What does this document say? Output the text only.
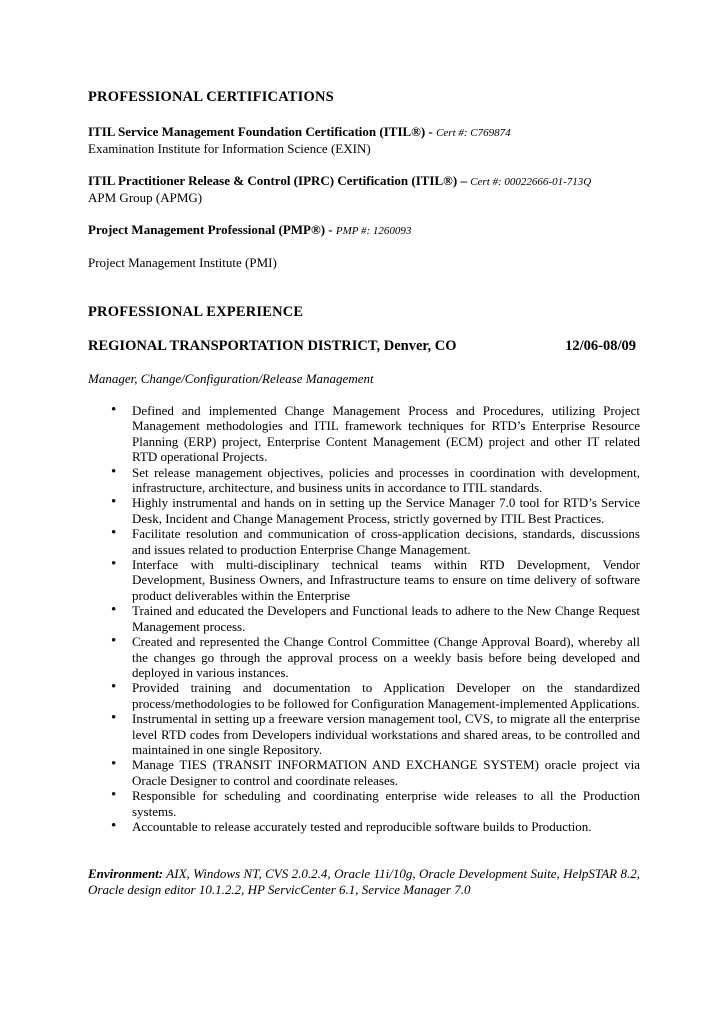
PROFESSIONAL CERTIFICATIONS

ITIL Service Management Foundation Certification (ITIL®) - Cert #: C769874

Examination Institute for Information Science (EXIN)

ITIL Practitioner Release & Control (IPRC) Certification (ITIL®) – Cert #: 00022666-01-713Q

APM Group (APMG)

Project Management Professional (PMP®) - PMP #: 1260093

Project Management Institute (PMI)
PROFESSIONAL EXPERIENCE
REGIONAL TRANSPORTATION DISTRICT, Denver, CO	12/06-08/09
Manager, Change/Configuration/Release Management
• Defined and implemented Change Management Process and Procedures, utilizing Project Management methodologies and ITIL framework techniques for RTD’s Enterprise Resource Planning (ERP) project, Enterprise Content Management (ECM) project and other IT related RTD operational Projects.
• Set release management objectives, policies and processes in coordination with development, infrastructure, architecture, and business units in accordance to ITIL standards.
• Highly instrumental and hands on in setting up the Service Manager 7.0 tool for RTD’s Service Desk, Incident and Change Management Process, strictly governed by ITIL Best Practices.
• Facilitate resolution and communication of cross-application decisions, standards, discussions and issues related to production Enterprise Change Management.
• Interface with multi-disciplinary technical teams within RTD Development, Vendor Development, Business Owners, and Infrastructure teams to ensure on time delivery of software product deliverables within the Enterprise
• Trained and educated the Developers and Functional leads to adhere to the New Change Request Management process.
• Created and represented the Change Control Committee (Change Approval Board), whereby all the changes go through the approval process on a weekly basis before being developed and deployed in various instances.
• Provided training and documentation to Application Developer on the standardized process/methodologies to be followed for Configuration Management-implemented Applications.
• Instrumental in setting up a freeware version management tool, CVS, to migrate all the enterprise level RTD codes from Developers individual workstations and shared areas, to be controlled and maintained in one single Repository.
• Manage TIES (TRANSIT INFORMATION AND EXCHANGE SYSTEM) oracle project via Oracle Designer to control and coordinate releases.
• Responsible for scheduling and coordinating enterprise wide releases to all the Production systems.
• Accountable to release accurately tested and reproducible software builds to Production.
Environment: AIX, Windows NT, CVS 2.0.2.4, Oracle 11i/10g, Oracle Development Suite, HelpSTAR 8.2, Oracle design editor 10.1.2.2, HP ServicCenter 6.1, Service Manager 7.0
